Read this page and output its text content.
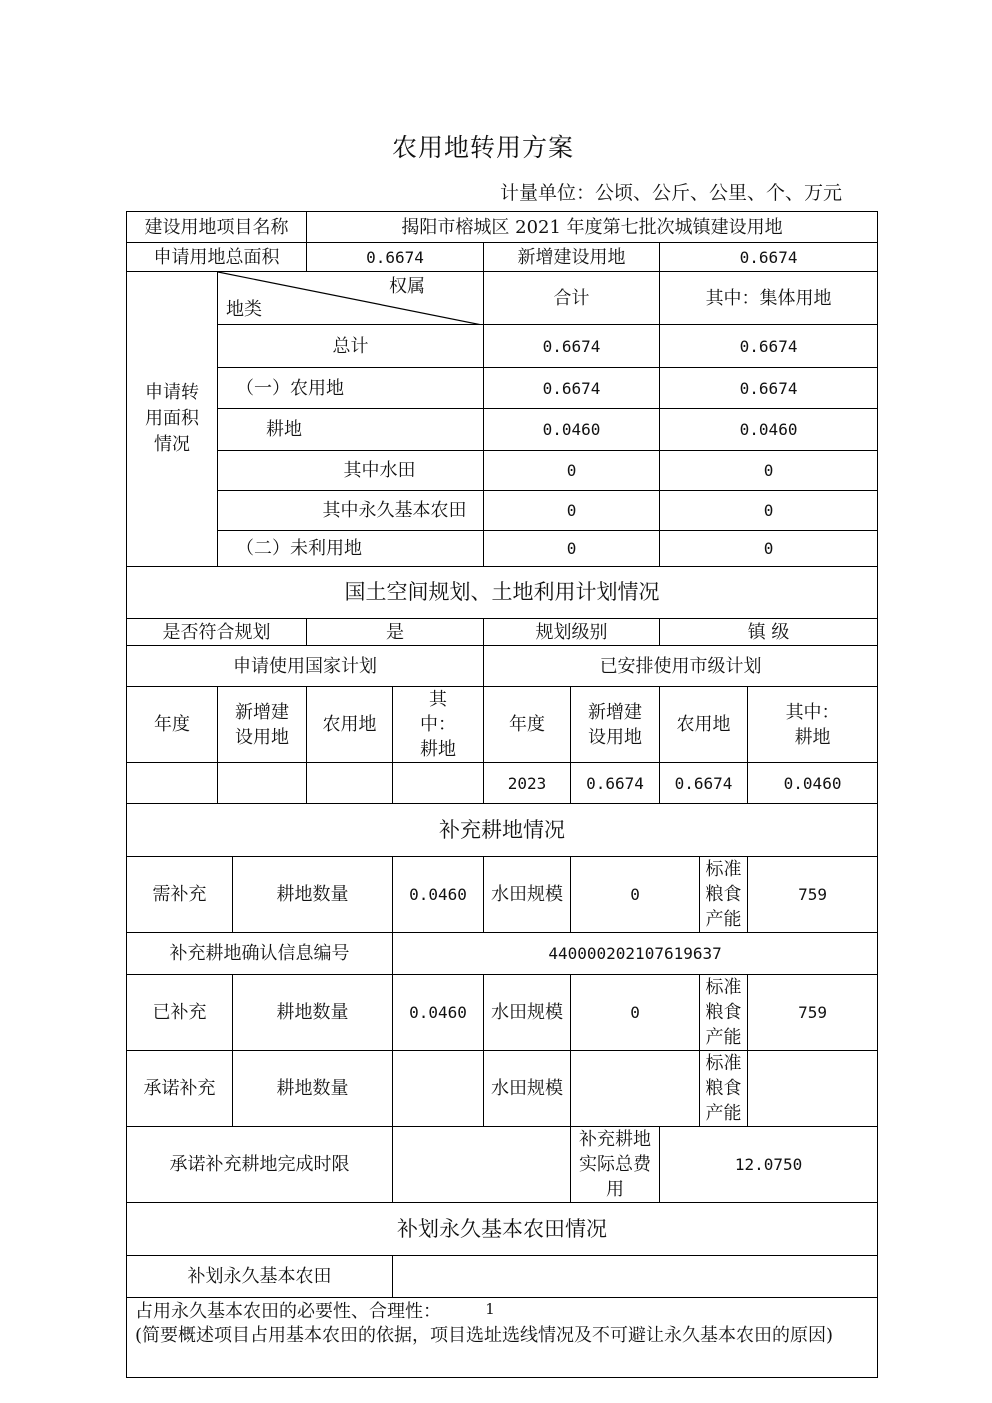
农用地转用方案
计量单位：公顷、公斤、公里、个、万元
建设用地项目名称			揭阳市榕城区 2021 年度第七批次城镇建设用地						
申请用地总面积			0.6674		新增建设用地		0.6674		
申请转用面积情况	权属
地类				合计		其中：集体用地		
	总计				0.6674		0.6674		
	（一）农用地				0.6674		0.6674		
	耕地				0.0460		0.0460		
	其中水田				0		0		
	其中永久基本农田				0		0		
	（二）未利用地				0		0		
国土空间规划、土地利用计划情况									
是否符合规划			是		规划级别		镇 级		
申请使用国家计划					已安排使用市级计划				
年度	新增建设用地		农用地	其中：耕地	年度	新增建设用地	农用地		其中：耕地
					2023	0.6674	0.6674		0.0460
补充耕地情况									
需补充		耕地数量		0.0460	水田规模	0		标准粮食产能	759
补充耕地确认信息编号				440000202107619637					
已补充		耕地数量		0.0460	水田规模	0		标准粮食产能	759
承诺补充		耕地数量			水田规模			标准粮食产能	
承诺补充耕地完成时限						补充耕地实际总费用	12.0750		
补划永久基本农田情况									
补划永久基本农田									

占用永久基本农田的必要性、合理性：
(简要概述项目占用基本农田的依据，项目选址选线情况及不可避让永久基本农田的原因)									
1
